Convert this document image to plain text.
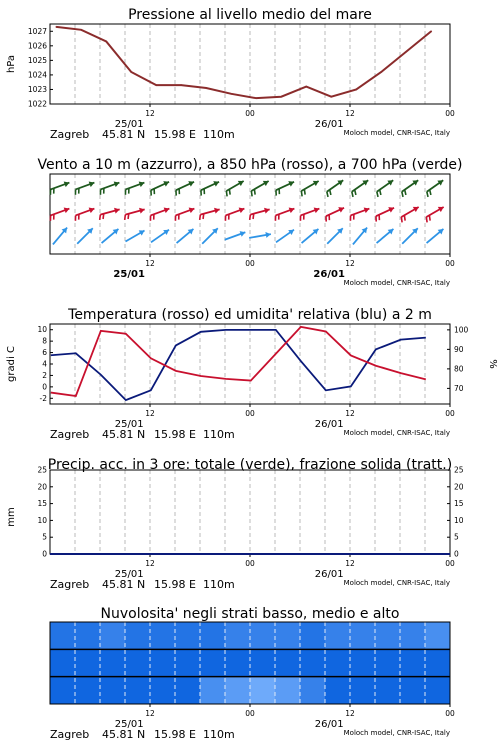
Pressione al livello medio del mare
12	00	12	00
25/01	26/01
Zagreb 45.81 N 15.98 E 110m	Moloch model, CNR-ISAC, Italy
1022
1023
1024
1025
1026
1027
hPa
Vento a 10 m (azzurro), a 850 hPa (rosso), a 700 hPa (verde)
12	00	12	00
25/01	26/01
Moloch model, CNR-ISAC, Italy
Temperatura (rosso) ed umidita' relativa (blu) a 2 m
12	00	12	00
25/01	26/01
Zagreb 45.81 N 15.98 E 110m	Moloch model, CNR-ISAC, Italy
-2
0
2
4
6
8
10
70
80
90
100
gradi C	%
Precip. acc. in 3 ore: totale (verde), frazione solida (tratt.)
12	00	12	00
25/01	26/01
Zagreb 45.81 N 15.98 E 110m	Moloch model, CNR-ISAC, Italy
0	0
5	5
10	10
15	15
20	20
25	25
mm
Nuvolosita' negli strati basso, medio e alto
12	00	12	00
25/01	26/01
Zagreb 45.81 N 15.98 E 110m	Moloch model, CNR-ISAC, Italy
